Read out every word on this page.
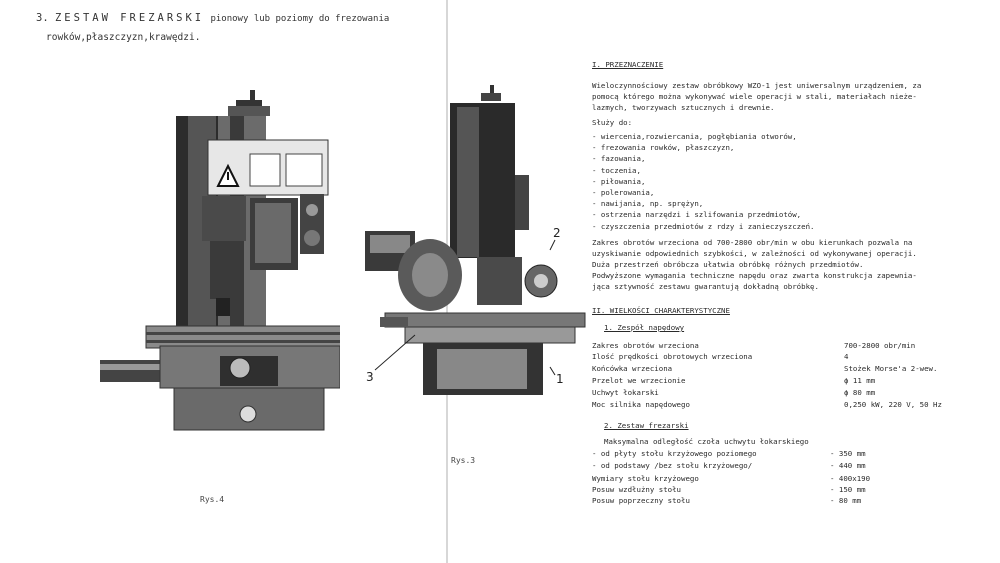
3. ZESTAW FREZARSKI pionowy lub poziomy do frezowania
rowków,płaszczyzn,krawędzi.
Rys.4
2
3	1
Rys.3
I. PRZEZNACZENIE
Wieloczynnościowy zestaw obróbkowy WZO-1 jest uniwersalnym urządzeniem, za
pomocą którego można wykonywać wiele operacji w stali, materiałach nieże-
lazmych, tworzywach sztucznych i drewnie.
Służy do:
- wiercenia,rozwiercania, pogłębiania otworów,
- frezowania rowków, płaszczyzn,
- fazowania,
- toczenia,
- piłowania,
- polerowania,
- nawijania, np. sprężyn,
- ostrzenia narzędzi i szlifowania przedmiotów,
- czyszczenia przedmiotów z rdzy i zanieczyszczeń.
Zakres obrotów wrzeciona od 700-2800 obr/min w obu kierunkach pozwala na
uzyskiwanie odpowiednich szybkości, w zależności od wykonywanej operacji.
Duża przestrzeń obróbcza ułatwia obróbkę różnych przedmiotów.
Podwyższone wymagania techniczne napędu oraz zwarta konstrukcja zapewnia-
jąca sztywność zestawu gwarantują dokładną obróbkę.
II. WIELKOŚCI CHARAKTERYSTYCZNE
1. Zespół napędowy
Zakres obrotów wrzeciona	700-2800 obr/min
Ilość prędkości obrotowych wrzeciona	4
Końcówka wrzeciona	Stożek Morse'a 2-wew.
Przelot we wrzecionie	ϕ 11 mm
Uchwyt łokarski	ϕ 80 mm
Moc silnika napędowego	0,250 kW, 220 V, 50 Hz
2. Zestaw frezarski
Maksymalna odległość czoła uchwytu łokarskiego
- od płyty stołu krzyżowego poziomego	- 350 mm
- od podstawy /bez stołu krzyżowego/	- 440 mm
Wymiary stołu krzyżowego	- 400x190
Posuw wzdłużny stołu	- 150 mm
Posuw poprzeczny stołu	- 80 mm
